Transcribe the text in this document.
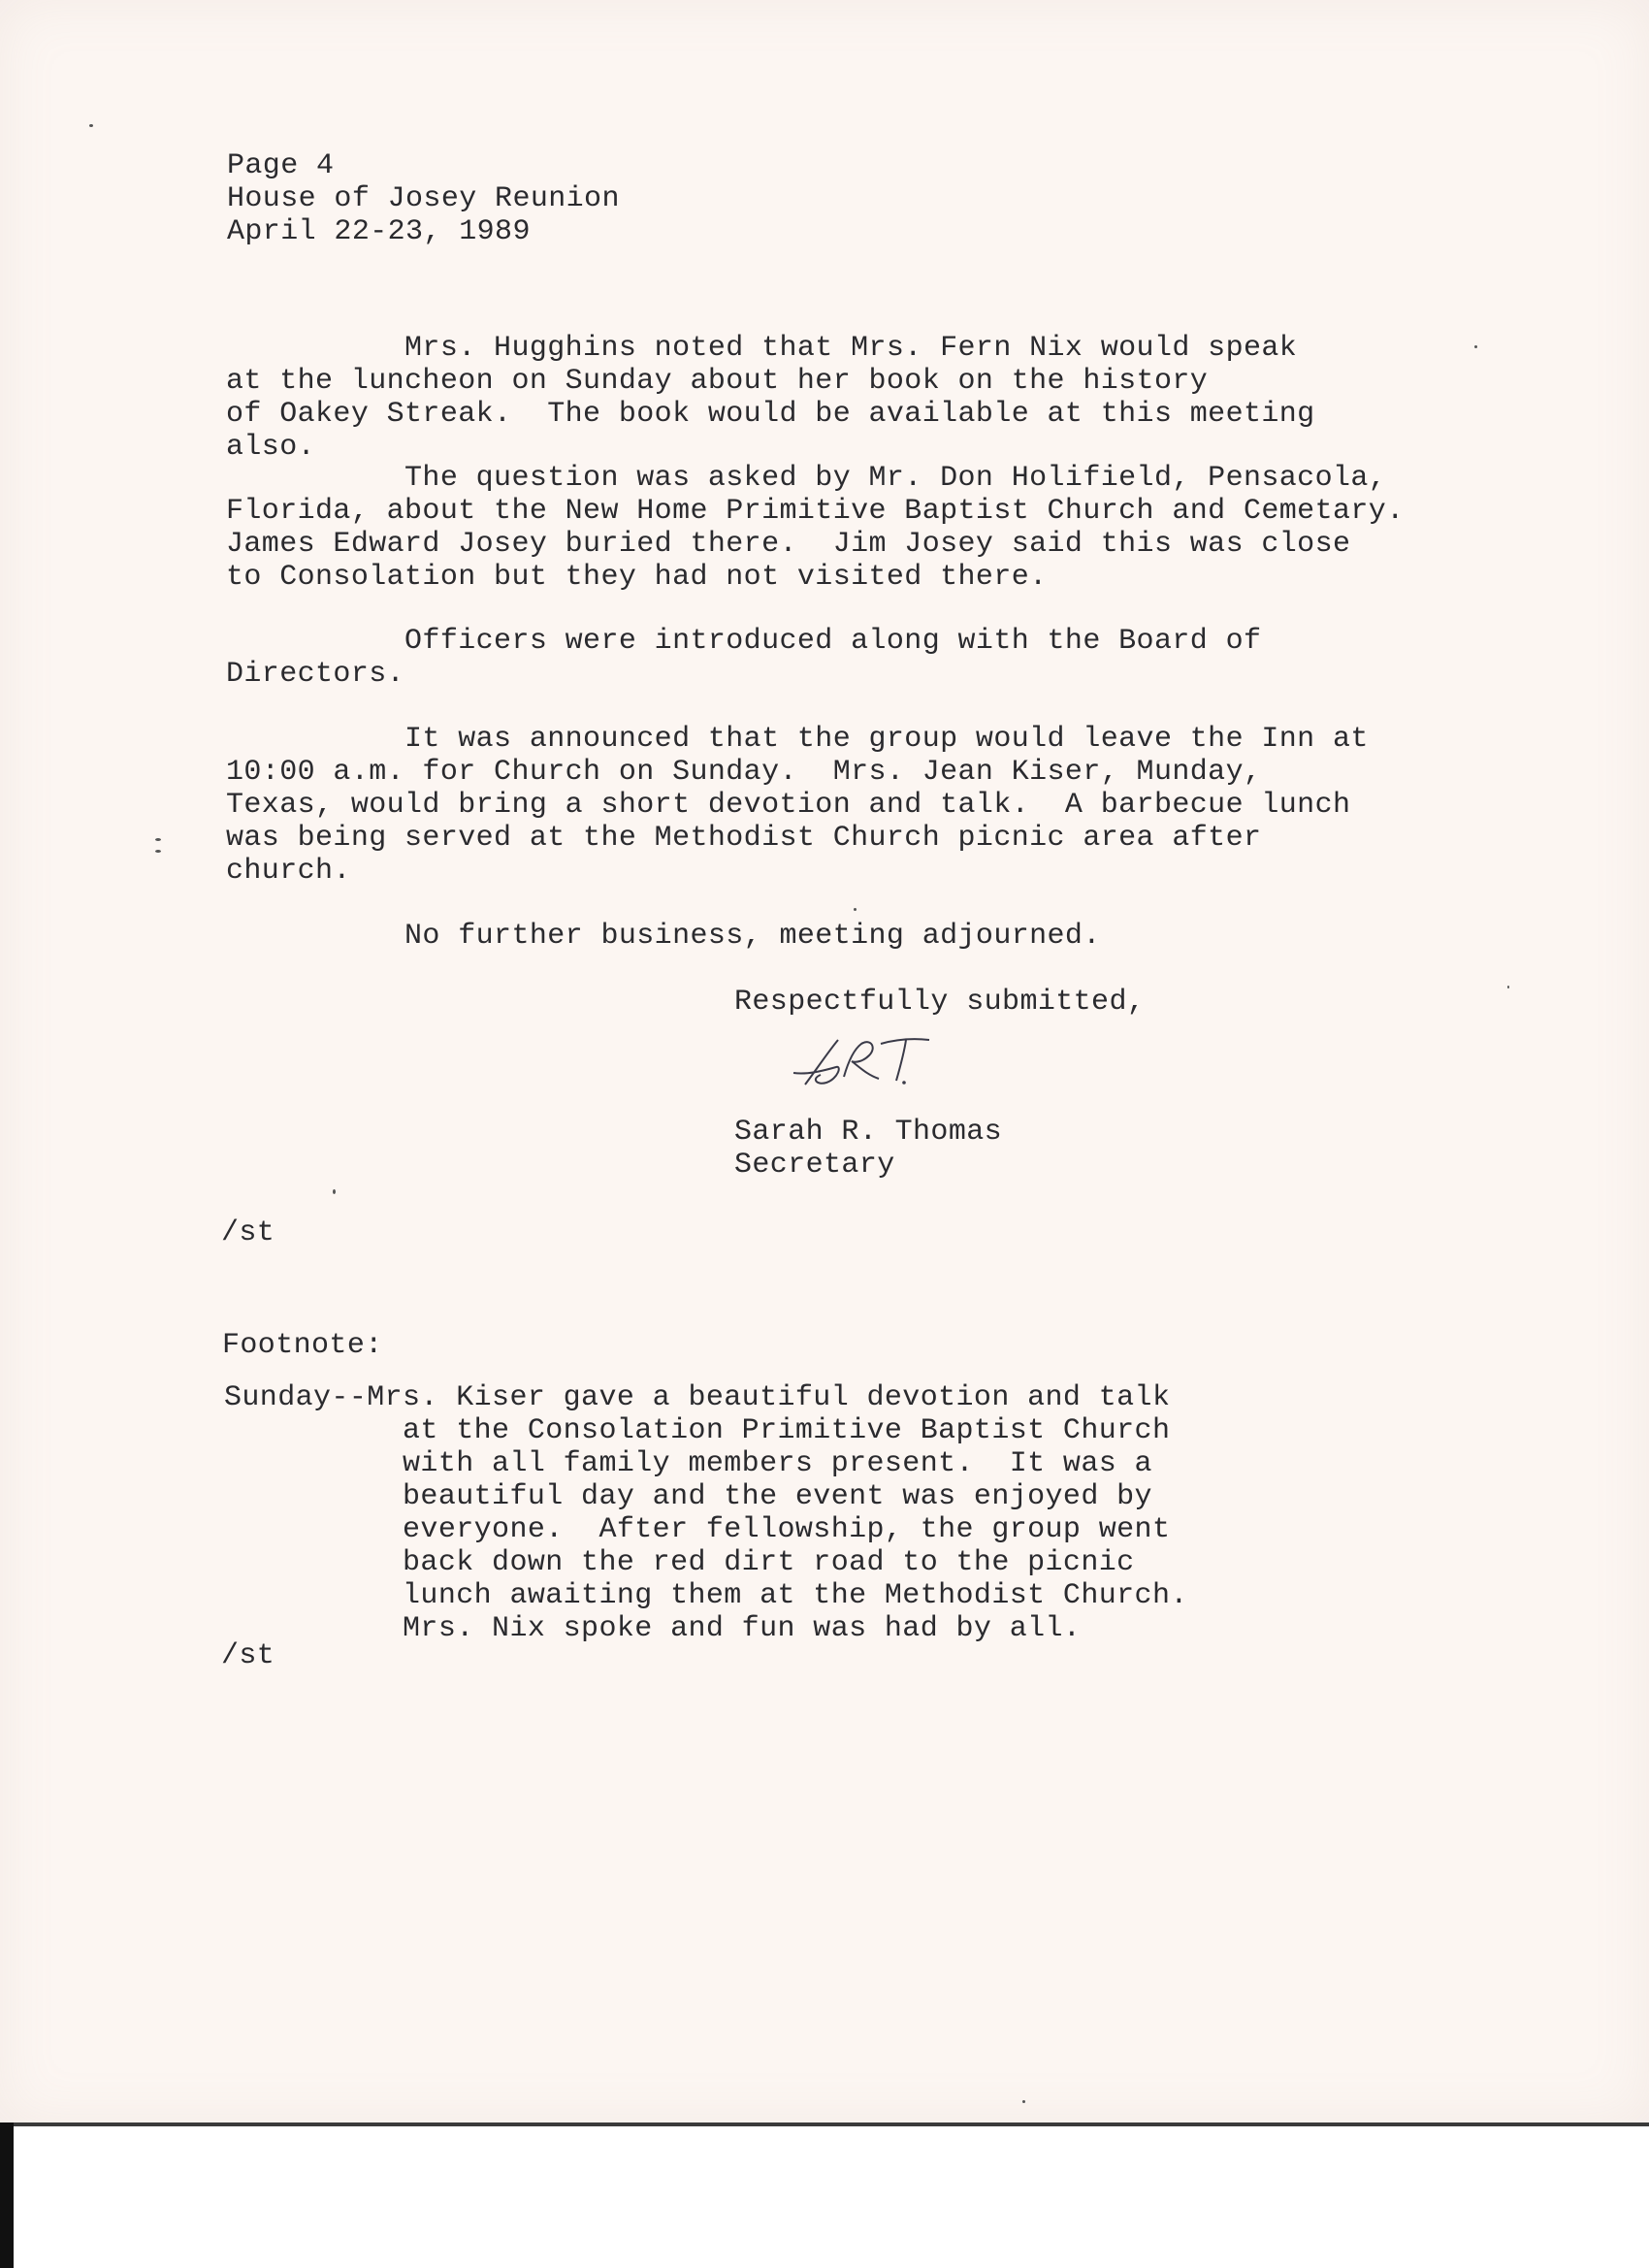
Page 4

House of Josey Reunion

April 22-23, 1989

Mrs. Hugghins noted that Mrs. Fern Nix would speak
at the luncheon on Sunday about her book on the history
of Oakey Streak.  The book would be available at this meeting
also.
The question was asked by Mr. Don Holifield, Pensacola,
Florida, about the New Home Primitive Baptist Church and Cemetary.
James Edward Josey buried there.  Jim Josey said this was close
to Consolation but they had not visited there.
Officers were introduced along with the Board of
Directors.
It was announced that the group would leave the Inn at
10:00 a.m. for Church on Sunday.  Mrs. Jean Kiser, Munday,
Texas, would bring a short devotion and talk.  A barbecue lunch
was being served at the Methodist Church picnic area after
church.
No further business, meeting adjourned.
Respectfully submitted,
Sarah R. Thomas
Secretary
/st
Footnote:
Sunday--Mrs. Kiser gave a beautiful devotion and talk
at the Consolation Primitive Baptist Church
with all family members present.  It was a
beautiful day and the event was enjoyed by
everyone.  After fellowship, the group went
back down the red dirt road to the picnic
lunch awaiting them at the Methodist Church.
Mrs. Nix spoke and fun was had by all.
/st
